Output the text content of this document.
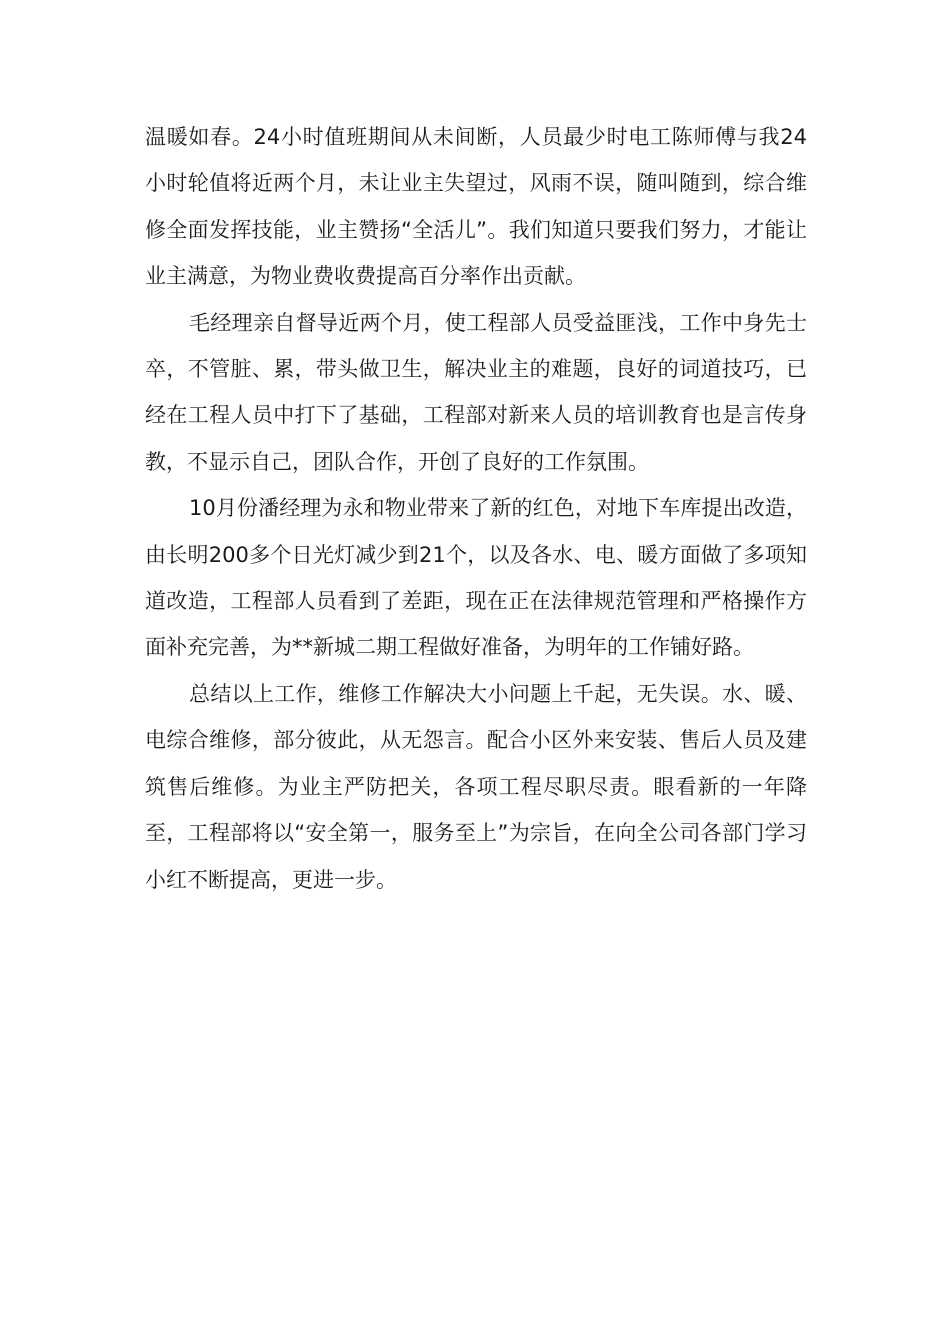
温暖如春。24小时值班期间从未间断，人员最少时电工陈师傅与我24小时轮值将近两个月，未让业主失望过，风雨不误，随叫随到，综合维修全面发挥技能，业主赞扬“全活儿”。我们知道只要我们努力，才能让业主满意，为物业费收费提高百分率作出贡献。

毛经理亲自督导近两个月，使工程部人员受益匪浅，工作中身先士卒，不管脏、累，带头做卫生，解决业主的难题，良好的词道技巧，已经在工程人员中打下了基础，工程部对新来人员的培训教育也是言传身教，不显示自己，团队合作，开创了良好的工作氛围。

10月份潘经理为永和物业带来了新的红色，对地下车库提出改造，由长明200多个日光灯减少到21个，以及各水、电、暖方面做了多项知道改造，工程部人员看到了差距，现在正在法律规范管理和严格操作方面补充完善，为**新城二期工程做好准备，为明年的工作铺好路。

总结以上工作，维修工作解决大小问题上千起，无失误。水、暖、电综合维修，部分彼此，从无怨言。配合小区外来安装、售后人员及建筑售后维修。为业主严防把关，各项工程尽职尽责。眼看新的一年降至，工程部将以“安全第一，服务至上”为宗旨，在向全公司各部门学习小红不断提高，更进一步。
